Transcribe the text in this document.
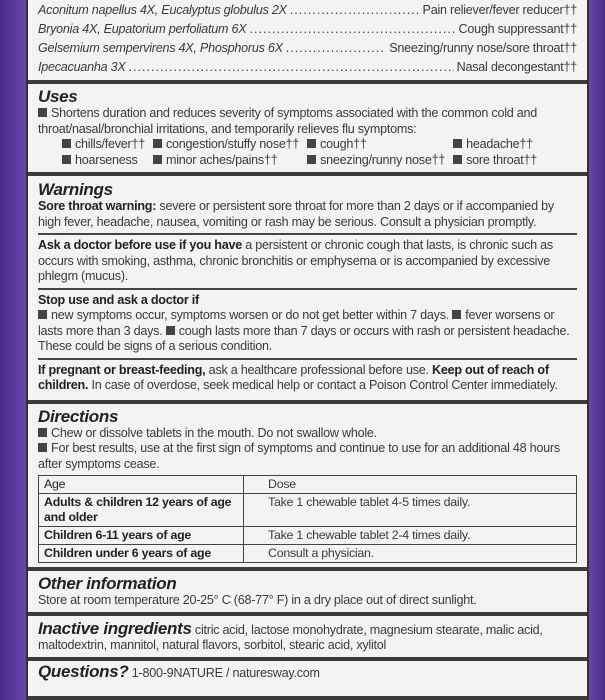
Aconitum napellus 4X, Eucalyptus globulus 2X .....	Pain reliever/fever reducer††
Bryonia 4X, Eupatorium perfoliatum 6X .....	Cough suppressant††
Gelsemium sempervirens 4X, Phosphorus 6X .....	Sneezing/runny nose/sore throat††
Ipecacuanha 3X .....	Nasal decongestant††
Uses
Shortens duration and reduces severity of symptoms associated with the common cold and throat/nasal/bronchial irritations, and temporarily relieves flu symptoms:
chills/fever††	congestion/stuffy nose††	cough††	headache††
hoarseness	minor aches/pains††	sneezing/runny nose††	sore throat††
Warnings
Sore throat warning: severe or persistent sore throat for more than 2 days or if accompanied by high fever, headache, nausea, vomiting or rash may be serious. Consult a physician promptly.
Ask a doctor before use if you have a persistent or chronic cough that lasts, is chronic such as occurs with smoking, asthma, chronic bronchitis or emphysema or is accompanied by excessive phlegm (mucus).
Stop use and ask a doctor if
new symptoms occur, symptoms worsen or do not get better within 7 days. fever worsens or lasts more than 3 days. cough lasts more than 7 days or occurs with rash or persistent headache. These could be signs of a serious condition.
If pregnant or breast-feeding, ask a healthcare professional before use. Keep out of reach of children. In case of overdose, seek medical help or contact a Poison Control Center immediately.
Directions
Chew or dissolve tablets in the mouth. Do not swallow whole.
For best results, use at the first sign of symptoms and continue to use for an additional 48 hours after symptoms cease.
Age	Dose
Adults & children 12 years of age and older	Take 1 chewable tablet 4-5 times daily.
Children 6-11 years of age	Take 1 chewable tablet 2-4 times daily.
Children under 6 years of age	Consult a physician.
Other information
Store at room temperature 20-25° C (68-77° F) in a dry place out of direct sunlight.
Inactive ingredients citric acid, lactose monohydrate, magnesium stearate, malic acid, maltodextrin, mannitol, natural flavors, sorbitol, stearic acid, xylitol
Questions? 1-800-9NATURE / naturesway.com
